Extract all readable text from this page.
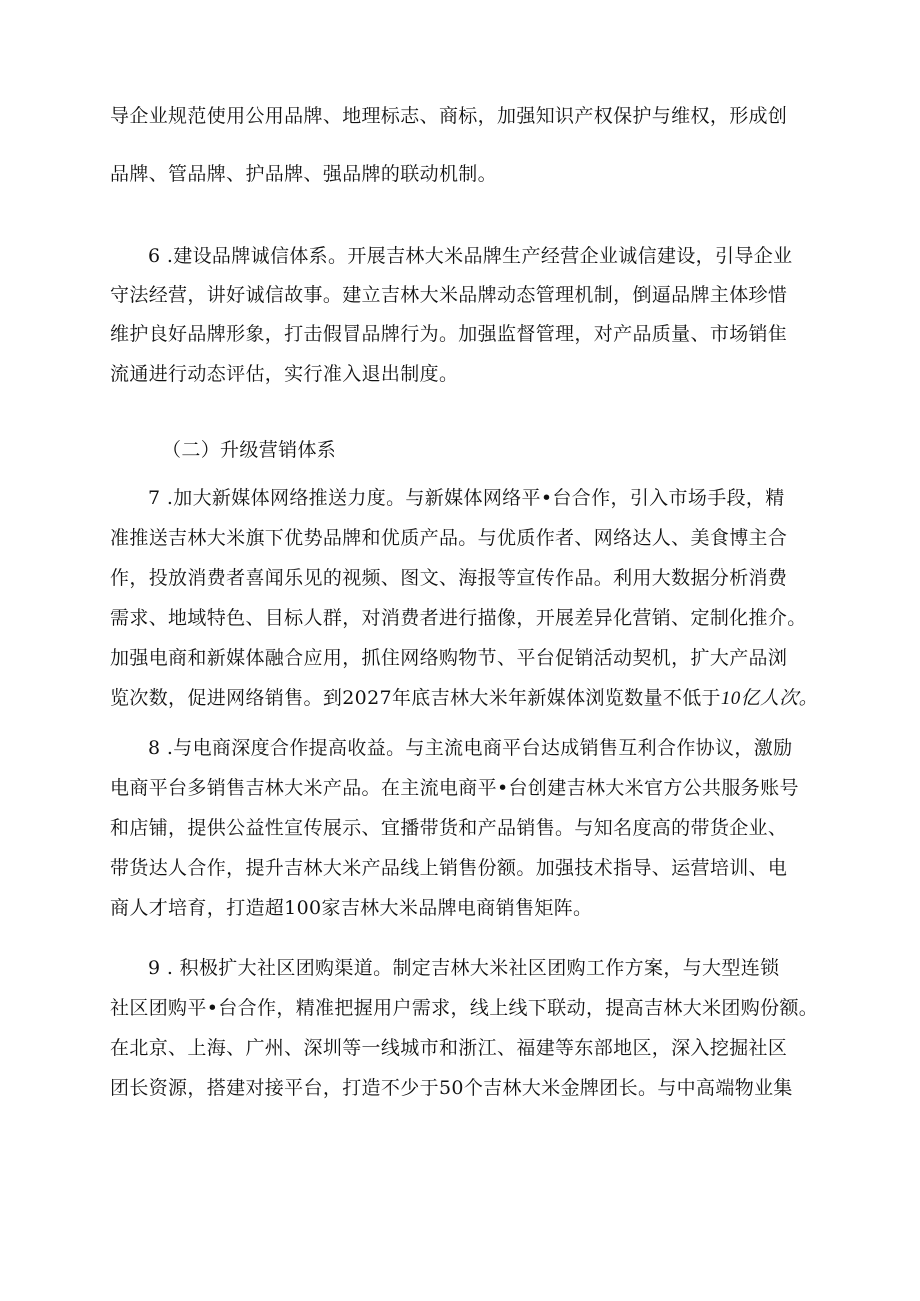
导企业规范使用公用品牌、地理标志、商标，加强知识产权保护与维权，形成创
品牌、管品牌、护品牌、强品牌的联动机制。
6 .建设品牌诚信体系。开展吉林大米品牌生产经营企业诚信建设，引导企业
守法经营，讲好诚信故事。建立吉林大米品牌动态管理机制，倒逼品牌主体珍惜
维护良好品牌形象，打击假冒品牌行为。加强监督管理，对产品质量、市场销隹
流通进行动态评估，实行准入退出制度。
（二）升级营销体系
7 .加大新媒体网络推送力度。与新媒体网络平•台合作，引入市场手段，精
准推送吉林大米旗下优势品牌和优质产品。与优质作者、网络达人、美食博主合
作，投放消费者喜闻乐见的视频、图文、海报等宣传作品。利用大数据分析消费
需求、地域特色、目标人群，对消费者进行描像，开展差异化营销、定制化推介。
加强电商和新媒体融合应用，抓住网络购物节、平台促销活动契机，扩大产品浏
览次数，促进网络销售。到2027年底吉林大米年新媒体浏览数量不低于10亿人次。
8 .与电商深度合作提高收益。与主流电商平台达成销售互利合作协议，激励
电商平台多销售吉林大米产品。在主流电商平•台创建吉林大米官方公共服务账号
和店铺，提供公益性宣传展示、宜播带货和产品销售。与知名度高的带货企业、
带货达人合作，提升吉林大米产品线上销售份额。加强技术指导、运营培训、电
商人才培育，打造超100家吉林大米品牌电商销售矩阵。
9 . 积极扩大社区团购渠道。制定吉林大米社区团购工作方案，与大型连锁
社区团购平•台合作，精准把握用户需求，线上线下联动，提高吉林大米团购份额。
在北京、上海、广州、深圳等一线城市和浙江、福建等东部地区，深入挖掘社区
团长资源，搭建对接平台，打造不少于50个吉林大米金牌团长。与中高端物业集
